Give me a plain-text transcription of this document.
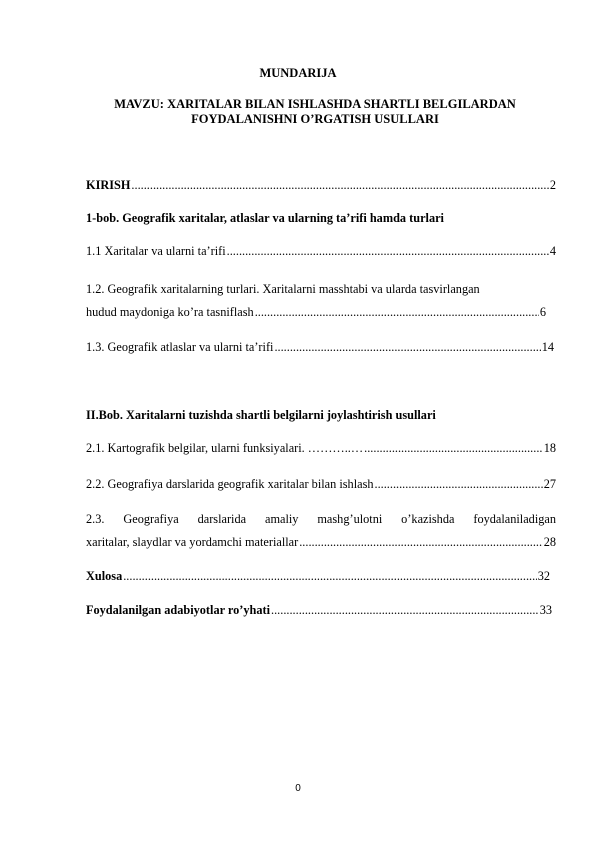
MUNDARIJA
MAVZU: XARITALAR BILAN ISHLASHDA SHARTLI BELGILARDAN FOYDALANISHNI O’RGATISH USULLARI
KIRISH .....	2
1-bob. Geografik xaritalar, atlaslar va ularning ta’rifi hamda turlari
1.1 Xaritalar va ularni ta’rifi .....	4
1.2. Geografik xaritalarning turlari. Xaritalarni masshtabi va ularda tasvirlangan
hudud maydoniga ko’ra tasniflash .....	6
1.3. Geografik atlaslar va ularni ta’rifi .....	14
II.Bob. Xaritalarni tuzishda shartli belgilarni joylashtirish usullari
2.1. Kartografik belgilar, ularni funksiyalari. ………..… .....	18
2.2. Geografiya darslarida geografik xaritalar bilan ishlash .....	27
2.3. Geografiya darslarida amaliy mashg’ulotni o’kazishda foydalaniladigan
xaritalar, slaydlar va yordamchi materiallar .....	28
Xulosa .....	32
Foydalanilgan adabiyotlar ro’yhati .....	33
0
